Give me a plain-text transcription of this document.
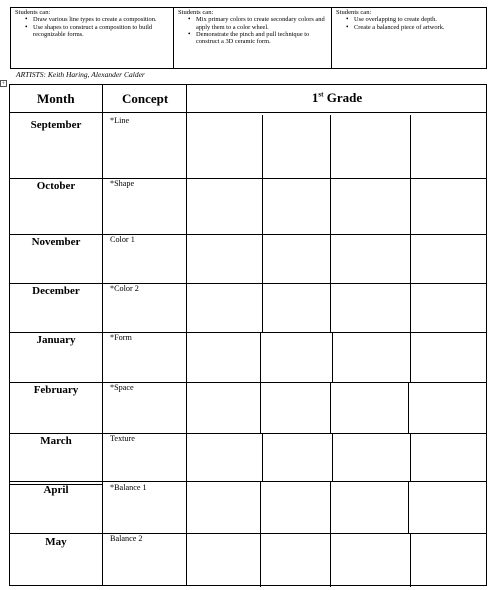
Students can:
• Draw various line types to create a composition.
• Use shapes to construct a composition to build recognizable forms.
Students can:
• Mix primary colors to create secondary colors and apply them to a color wheel.
• Demonstrate the pinch and pull technique to construct a 3D ceramic form.
Students can:
• Use overlapping to create depth.
• Create a balanced piece of artwork.
ARTISTS: Keith Haring, Alexander Calder
+
Month	Concept	1st Grade
September
October
November
December
January
February
March
April
May
*Line
*Shape
Color 1
*Color 2
*Form
*Space
Texture
*Balance 1
Balance 2
